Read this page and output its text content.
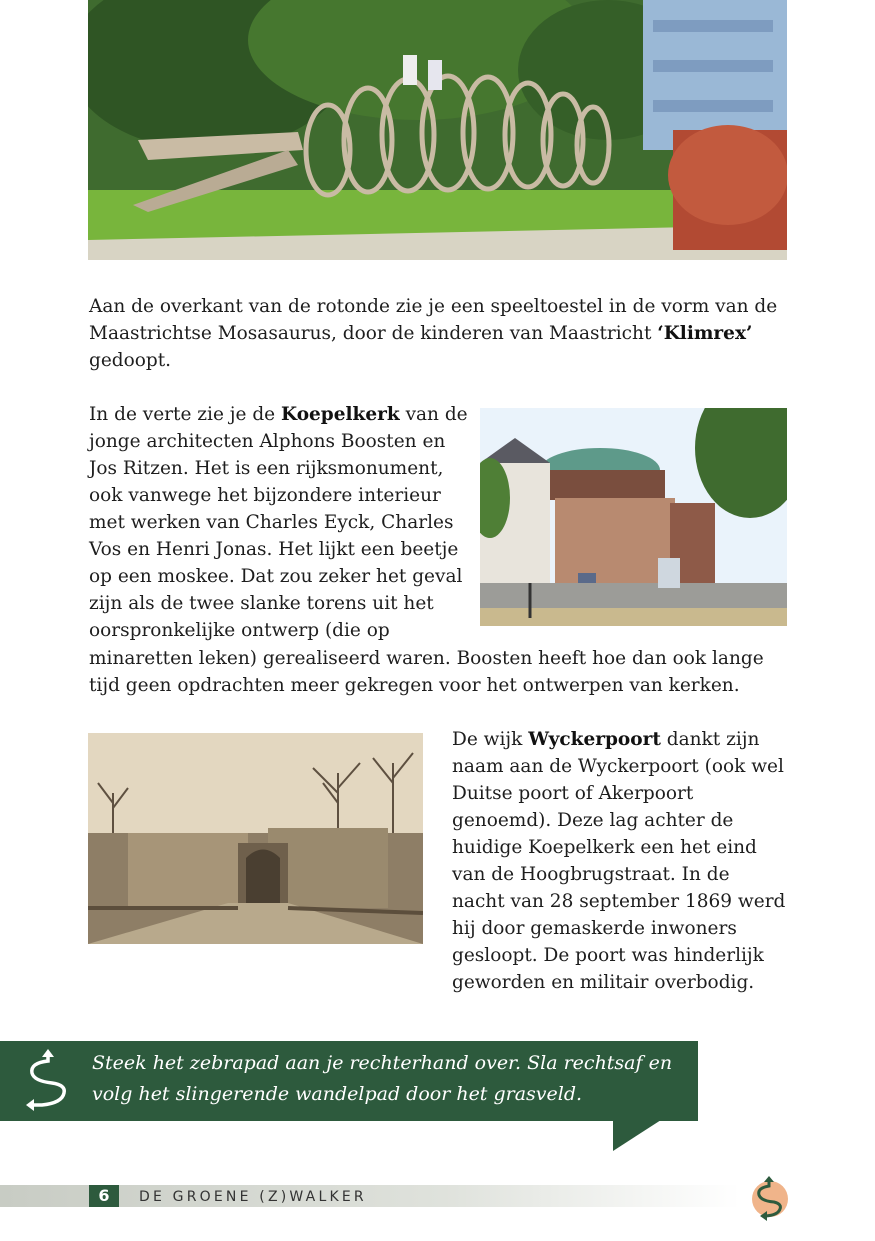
Aan de overkant van de rotonde zie je een speeltoestel in de vorm van de Maastrichtse Mosasaurus, door de kinderen van Maastricht ‘Klimrex’ gedoopt.

In de verte zie je de Koepelkerk van de jonge architecten Alphons Boosten en Jos Ritzen. Het is een rijksmonument, ook vanwege het bijzondere interieur met werken van Charles Eyck, Charles Vos en Henri Jonas. Het lijkt een beetje op een moskee. Dat zou zeker het geval zijn als de twee slanke torens uit het oorspronkelijke ontwerp (die op

minaretten leken) gerealiseerd waren. Boosten heeft hoe dan ook lange tijd geen opdrachten meer gekregen voor het ontwerpen van kerken.

De wijk Wyckerpoort dankt zijn naam aan de Wyckerpoort (ook wel Duitse poort of Akerpoort genoemd). Deze lag achter de huidige Koepelkerk een het eind van de Hoogbrugstraat. In de nacht van 28 september 1869 werd hij door gemaskerde inwoners gesloopt. De poort was hinderlijk geworden en militair overbodig.

Steek het zebrapad aan je rechterhand over. Sla rechtsaf en volg het slingerende wandelpad door het grasveld.

6	DE GROENE (Z)WALKER
